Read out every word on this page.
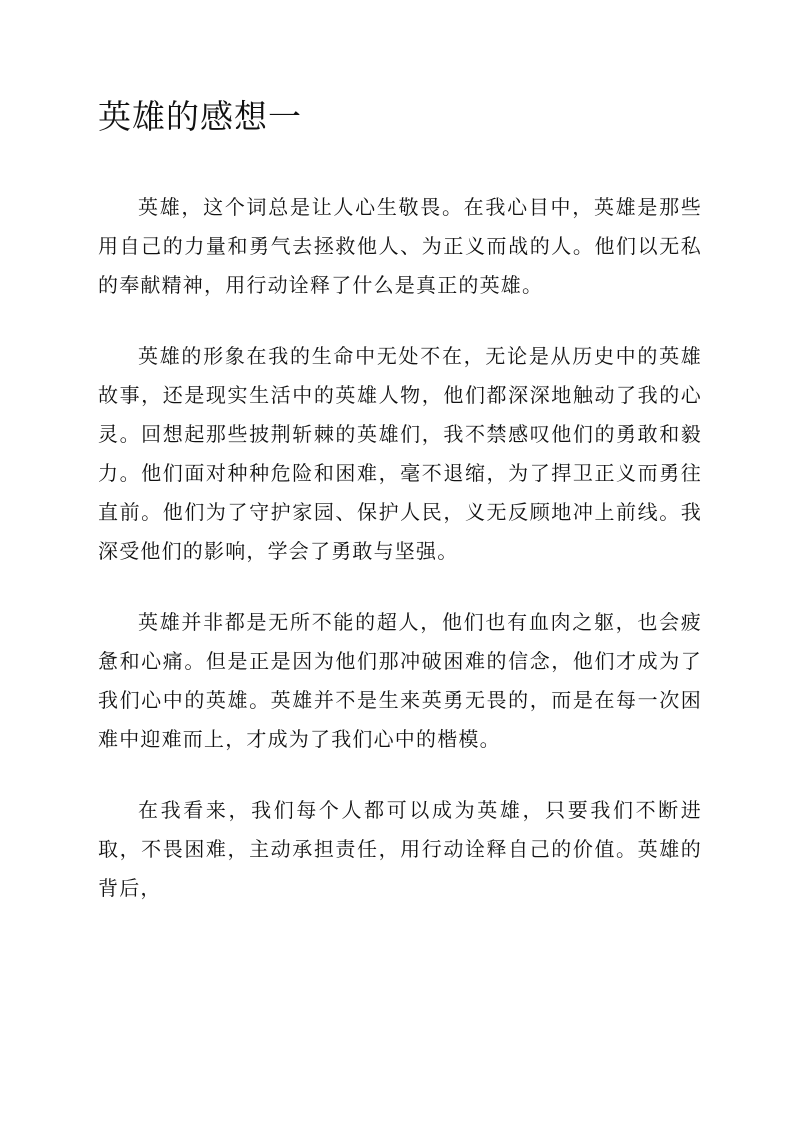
英雄的感想一

英雄，这个词总是让人心生敬畏。在我心目中，英雄是那些用自己的力量和勇气去拯救他人、为正义而战的人。他们以无私的奉献精神，用行动诠释了什么是真正的英雄。

英雄的形象在我的生命中无处不在，无论是从历史中的英雄故事，还是现实生活中的英雄人物，他们都深深地触动了我的心灵。回想起那些披荆斩棘的英雄们，我不禁感叹他们的勇敢和毅力。他们面对种种危险和困难，毫不退缩，为了捍卫正义而勇往直前。他们为了守护家园、保护人民，义无反顾地冲上前线。我深受他们的影响，学会了勇敢与坚强。

英雄并非都是无所不能的超人，他们也有血肉之躯，也会疲惫和心痛。但是正是因为他们那冲破困难的信念，他们才成为了我们心中的英雄。英雄并不是生来英勇无畏的，而是在每一次困难中迎难而上，才成为了我们心中的楷模。

在我看来，我们每个人都可以成为英雄，只要我们不断进取，不畏困难，主动承担责任，用行动诠释自己的价值。英雄的背后，
